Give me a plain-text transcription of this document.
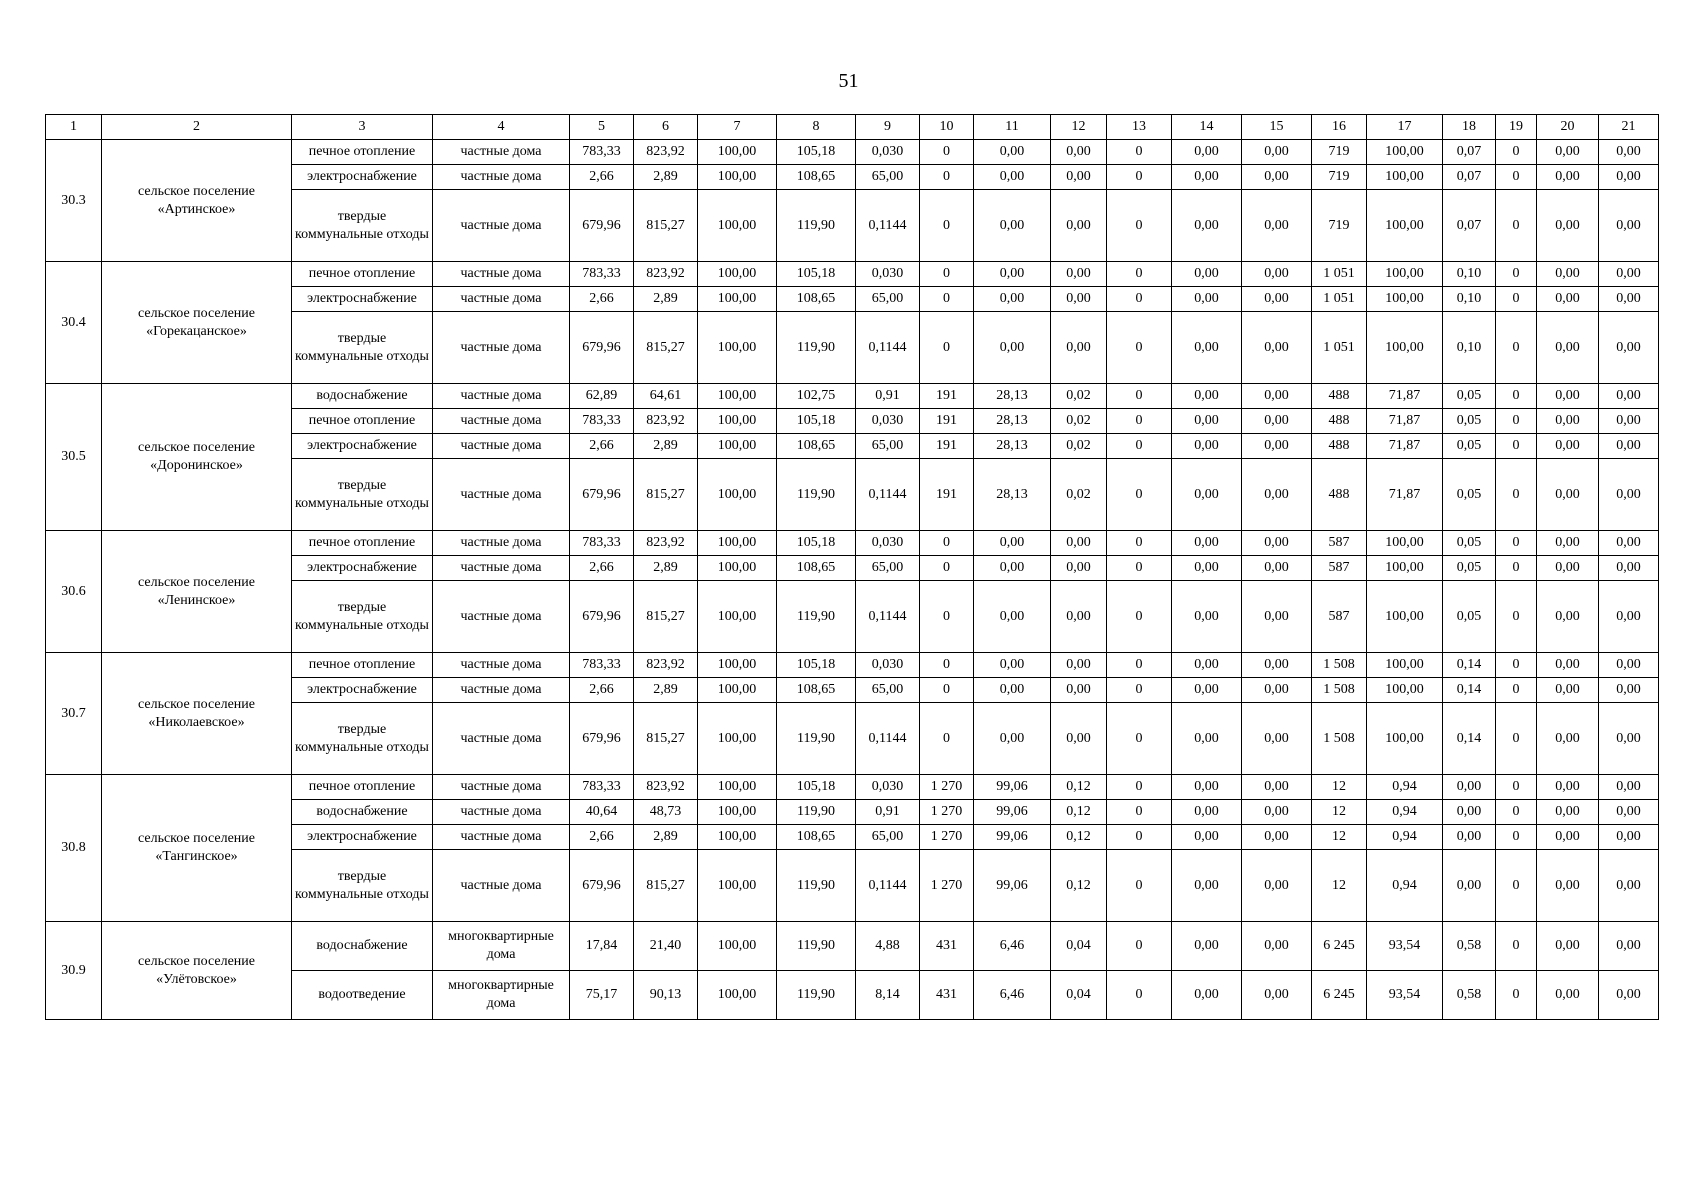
51
1	2	3	4	5	6	7	8	9	10	11	12	13	14	15	16	17	18	19	20	21
30.3	сельское поселение «Артинское»	печное отопление	частные дома	783,33	823,92	100,00	105,18	0,030	0	0,00	0,00	0	0,00	0,00	719	100,00	0,07	0	0,00	0,00
		электроснабжение	частные дома	2,66	2,89	100,00	108,65	65,00	0	0,00	0,00	0	0,00	0,00	719	100,00	0,07	0	0,00	0,00
		твердые коммунальные отходы	частные дома	679,96	815,27	100,00	119,90	0,1144	0	0,00	0,00	0	0,00	0,00	719	100,00	0,07	0	0,00	0,00
30.4	сельское поселение «Горекацанское»	печное отопление	частные дома	783,33	823,92	100,00	105,18	0,030	0	0,00	0,00	0	0,00	0,00	1 051	100,00	0,10	0	0,00	0,00
		электроснабжение	частные дома	2,66	2,89	100,00	108,65	65,00	0	0,00	0,00	0	0,00	0,00	1 051	100,00	0,10	0	0,00	0,00
		твердые коммунальные отходы	частные дома	679,96	815,27	100,00	119,90	0,1144	0	0,00	0,00	0	0,00	0,00	1 051	100,00	0,10	0	0,00	0,00
30.5	сельское поселение «Доронинское»	водоснабжение	частные дома	62,89	64,61	100,00	102,75	0,91	191	28,13	0,02	0	0,00	0,00	488	71,87	0,05	0	0,00	0,00
		печное отопление	частные дома	783,33	823,92	100,00	105,18	0,030	191	28,13	0,02	0	0,00	0,00	488	71,87	0,05	0	0,00	0,00
		электроснабжение	частные дома	2,66	2,89	100,00	108,65	65,00	191	28,13	0,02	0	0,00	0,00	488	71,87	0,05	0	0,00	0,00
		твердые коммунальные отходы	частные дома	679,96	815,27	100,00	119,90	0,1144	191	28,13	0,02	0	0,00	0,00	488	71,87	0,05	0	0,00	0,00
30.6	сельское поселение «Ленинское»	печное отопление	частные дома	783,33	823,92	100,00	105,18	0,030	0	0,00	0,00	0	0,00	0,00	587	100,00	0,05	0	0,00	0,00
		электроснабжение	частные дома	2,66	2,89	100,00	108,65	65,00	0	0,00	0,00	0	0,00	0,00	587	100,00	0,05	0	0,00	0,00
		твердые коммунальные отходы	частные дома	679,96	815,27	100,00	119,90	0,1144	0	0,00	0,00	0	0,00	0,00	587	100,00	0,05	0	0,00	0,00
30.7	сельское поселение «Николаевское»	печное отопление	частные дома	783,33	823,92	100,00	105,18	0,030	0	0,00	0,00	0	0,00	0,00	1 508	100,00	0,14	0	0,00	0,00
		электроснабжение	частные дома	2,66	2,89	100,00	108,65	65,00	0	0,00	0,00	0	0,00	0,00	1 508	100,00	0,14	0	0,00	0,00
		твердые коммунальные отходы	частные дома	679,96	815,27	100,00	119,90	0,1144	0	0,00	0,00	0	0,00	0,00	1 508	100,00	0,14	0	0,00	0,00
30.8	сельское поселение «Тангинское»	печное отопление	частные дома	783,33	823,92	100,00	105,18	0,030	1 270	99,06	0,12	0	0,00	0,00	12	0,94	0,00	0	0,00	0,00
		водоснабжение	частные дома	40,64	48,73	100,00	119,90	0,91	1 270	99,06	0,12	0	0,00	0,00	12	0,94	0,00	0	0,00	0,00
		электроснабжение	частные дома	2,66	2,89	100,00	108,65	65,00	1 270	99,06	0,12	0	0,00	0,00	12	0,94	0,00	0	0,00	0,00
		твердые коммунальные отходы	частные дома	679,96	815,27	100,00	119,90	0,1144	1 270	99,06	0,12	0	0,00	0,00	12	0,94	0,00	0	0,00	0,00
30.9	сельское поселение «Улётовское»	водоснабжение	многоквартирные дома	17,84	21,40	100,00	119,90	4,88	431	6,46	0,04	0	0,00	0,00	6 245	93,54	0,58	0	0,00	0,00
		водоотведение	многоквартирные дома	75,17	90,13	100,00	119,90	8,14	431	6,46	0,04	0	0,00	0,00	6 245	93,54	0,58	0	0,00	0,00
